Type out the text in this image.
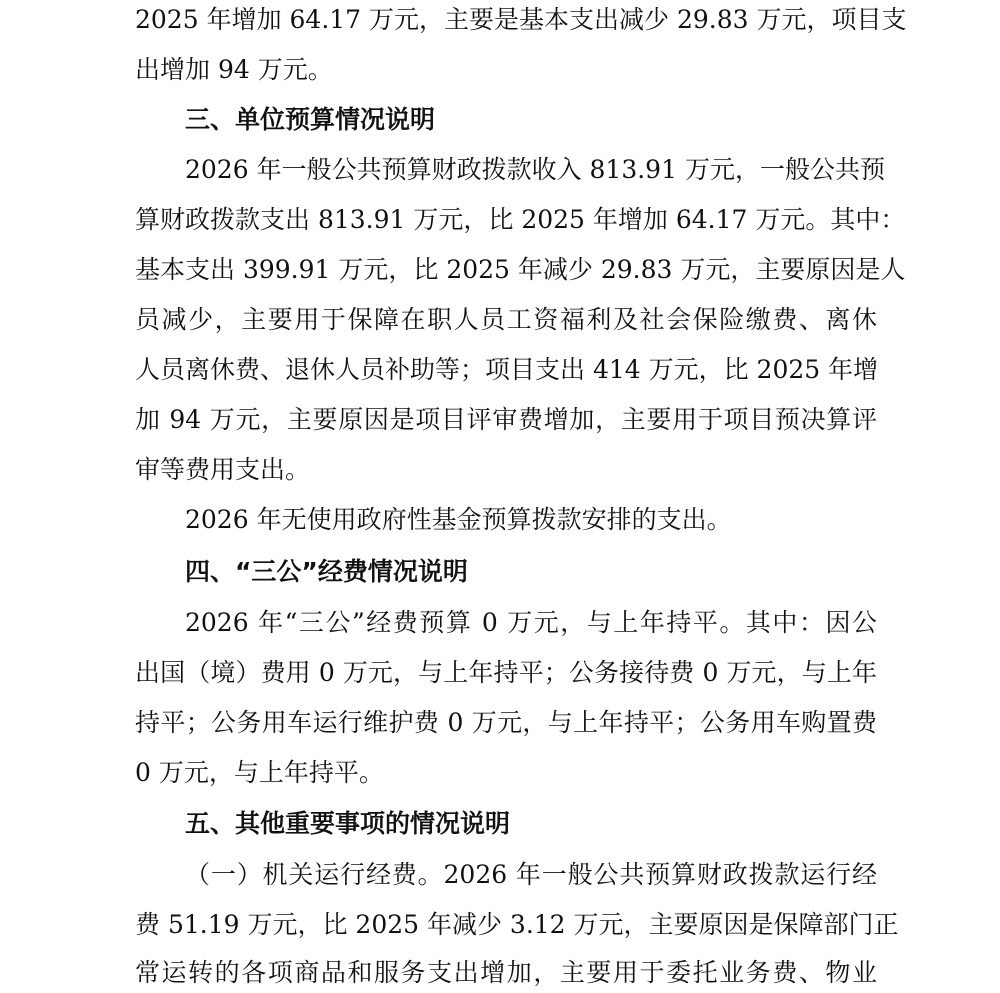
2025 年增加 64.17 万元，主要是基本支出减少 29.83 万元，项目支
出增加 94 万元。
三、单位预算情况说明
2026 年一般公共预算财政拨款收入 813.91 万元，一般公共预
算财政拨款支出 813.91 万元，比 2025 年增加 64.17 万元。其中：
基本支出 399.91 万元，比 2025 年减少 29.83 万元，主要原因是人
员减少，主要用于保障在职人员工资福利及社会保险缴费、离休
人员离休费、退休人员补助等；项目支出 414 万元，比 2025 年增
加 94 万元，主要原因是项目评审费增加，主要用于项目预决算评
审等费用支出。
2026 年无使用政府性基金预算拨款安排的支出。
四、“三公”经费情况说明
2026 年“三公”经费预算 0 万元，与上年持平。其中：因公
出国（境）费用 0 万元，与上年持平；公务接待费 0 万元，与上年
持平；公务用车运行维护费 0 万元，与上年持平；公务用车购置费
0 万元，与上年持平。
五、其他重要事项的情况说明
（一）机关运行经费。2026 年一般公共预算财政拨款运行经
费 51.19 万元，比 2025 年减少 3.12 万元，主要原因是保障部门正
常运转的各项商品和服务支出增加，主要用于委托业务费、物业
